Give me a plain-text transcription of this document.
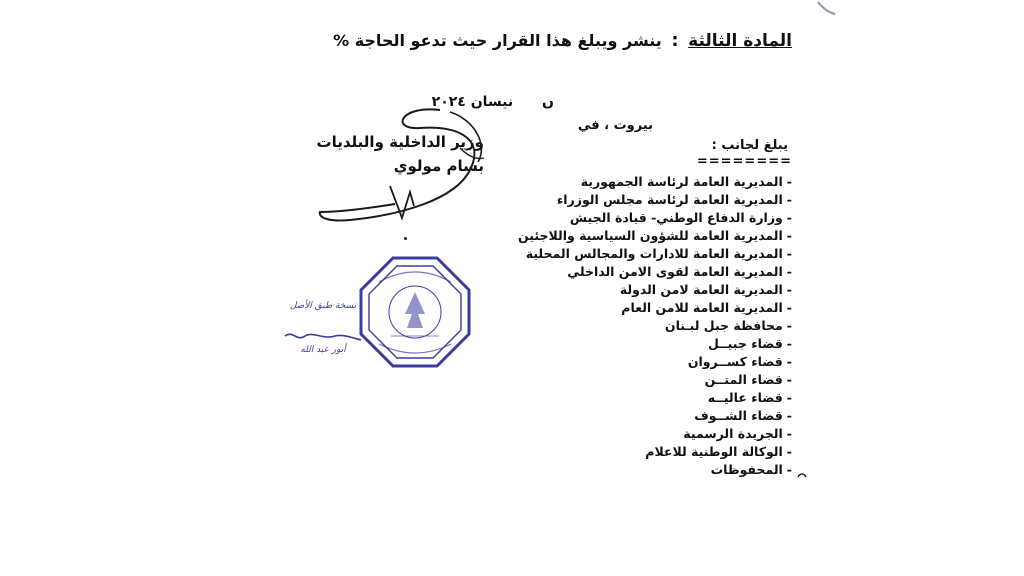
المادة الثالثة : ينشر ويبلغ هذا القرار حيث تدعو الحاجة %
ں نيسان ٢٠٢٤
بيروت ، في
يبلغ لجانب :
========
-المديرية العامة لرئاسة الجمهورية
-المديرية العامة لرئاسة مجلس الوزراء
-وزارة الدفاع الوطني- قيادة الجيش
-المديرية العامة للشؤون السياسية واللاجئين
-المديرية العامة للادارات والمجالس المحلية
-المديرية العامة لقوى الامن الداخلي
-المديرية العامة لامن الدولة
-المديرية العامة للامن العام
-محافظة جبل لبـنان
-قضاء جبيــل
-قضاء كســروان
-قضاء المتــن
-قضاء عاليــه
-قضاء الشــوف
-الجريدة الرسمية
-الوكالة الوطنية للاعلام
-المحفوظات
وزير الداخلية والبلديات
بسام مولوي
نسخة طبق الأصل
أنور عبد الله
